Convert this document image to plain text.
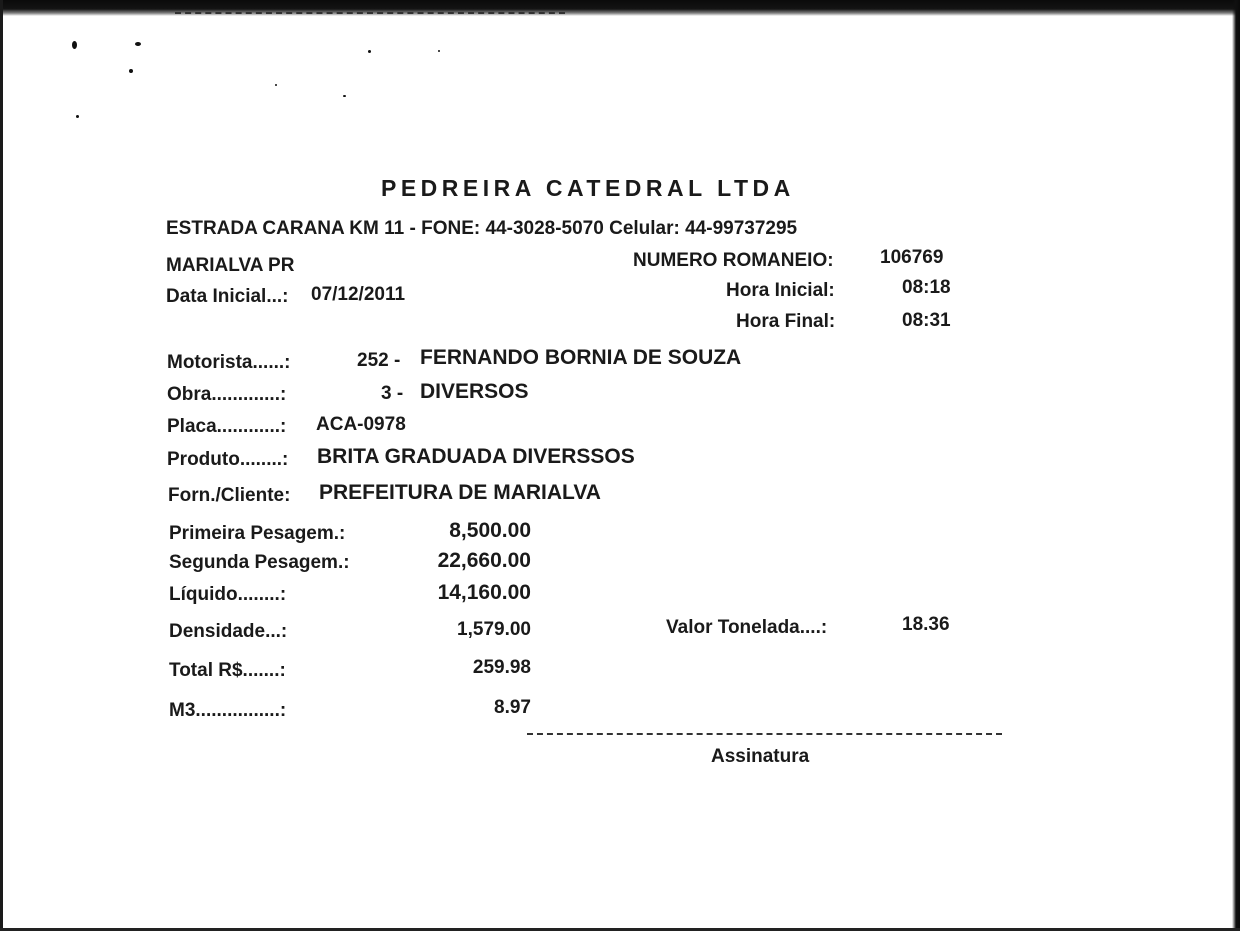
PEDREIRA CATEDRAL LTDA
ESTRADA CARANA KM 11 - FONE: 44-3028-5070 Celular: 44-99737295
MARIALVA PR	NUMERO ROMANEIO: 106769
Data Inicial...: 07/12/2011	Hora Inicial:	08:18
Hora Final:	08:31
Motorista......:	252 - FERNANDO BORNIA DE SOUZA
Obra.............:	3 - DIVERSOS
Placa............: ACA-0978
Produto........: BRITA GRADUADA DIVERSSOS
Forn./Cliente: PREFEITURA DE MARIALVA
Primeira Pesagem.:	8,500.00
Segunda Pesagem.:	22,660.00
Líquido........:	14,160.00
Densidade...:	1,579.00	Valor Tonelada....:	18.36
Total R$.......:	259.98
M3................:	8.97
Assinatura
